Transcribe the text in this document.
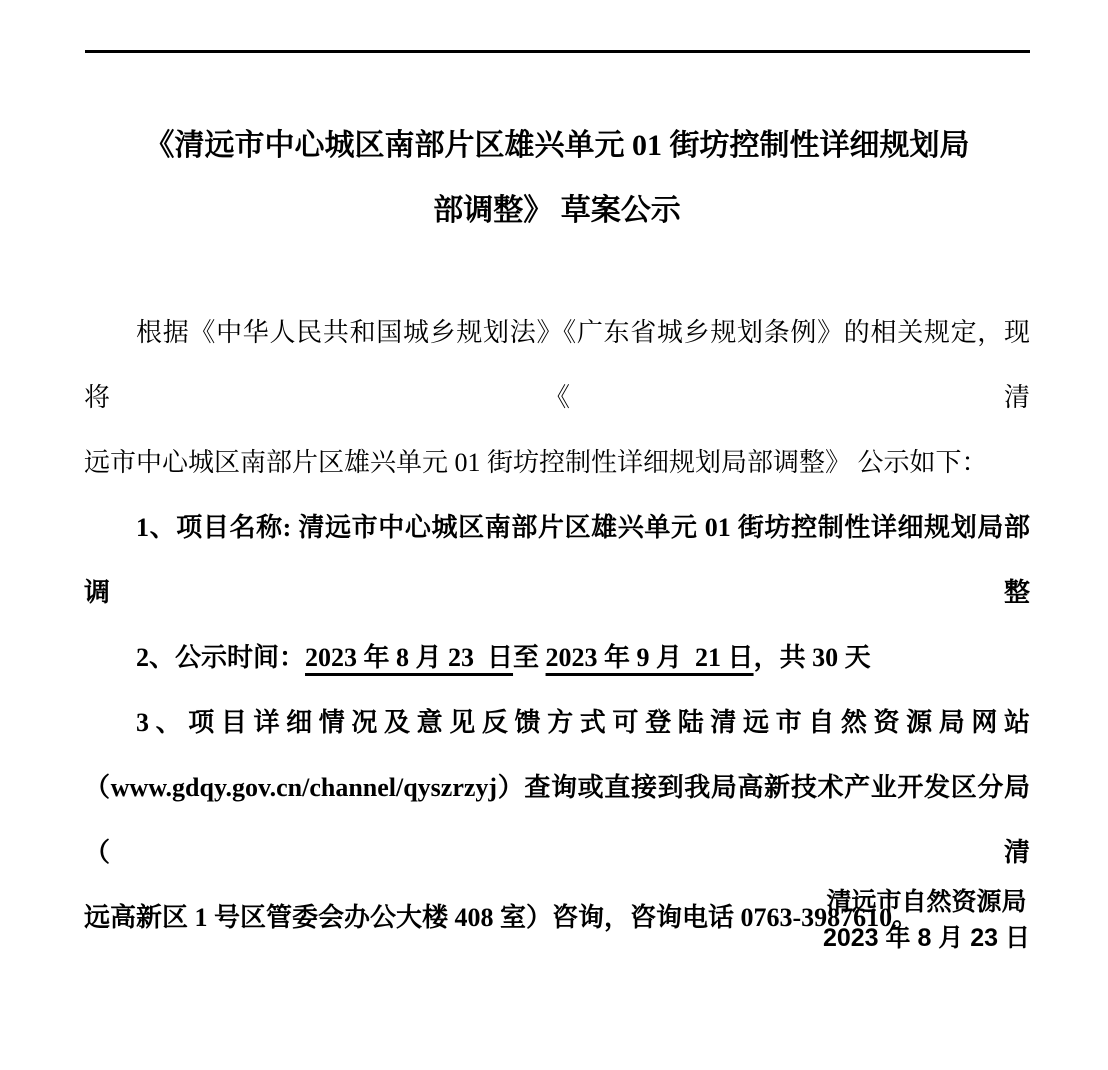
《清远市中心城区南部片区雄兴单元 01 街坊控制性详细规划局
部调整》 草案公示
根据《中华人民共和国城乡规划法》《广东省城乡规划条例》的相关规定，现将《清
远市中心城区南部片区雄兴单元 01 街坊控制性详细规划局部调整》 公示如下：
1、项目名称: 清远市中心城区南部片区雄兴单元 01 街坊控制性详细规划局部调整
2、公示时间：2023 年 8 月 23  日至 2023 年 9 月  21 日，共 30 天
3、项目详细情况及意见反馈方式可登陆清远市自然资源局网站
（www.gdqy.gov.cn/channel/qyszrzyj）查询或直接到我局高新技术产业开发区分局（清
远高新区 1 号区管委会办公大楼 408 室）咨询，咨询电话 0763-3987610。
清远市自然资源局
2023 年 8 月 23 日
